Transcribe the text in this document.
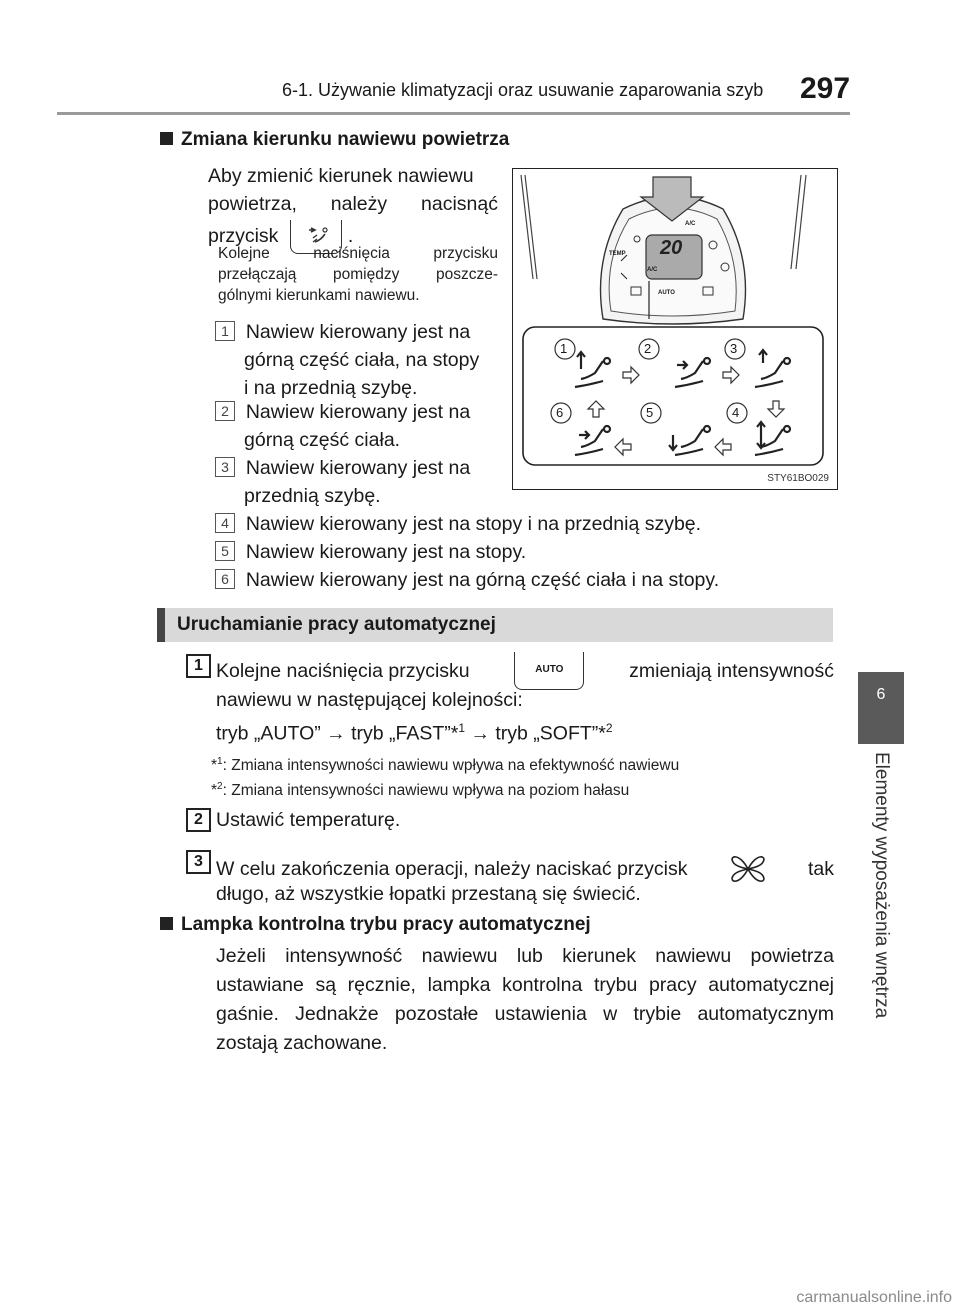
6-1. Używanie klimatyzacji oraz usuwanie zaparowania szyb 297
6
Elementy wyposażenia wnętrza
Zmiana kierunku nawiewu powietrza
Aby zmienić kierunek nawiewu
powietrza, należy nacisnąć
przycisk	.
Kolejne naciśnięcia przycisku
przełączają pomiędzy poszcze-
gólnymi kierunkami nawiewu.
1 Nawiew kierowany jest na
górną część ciała, na stopy
i na przednią szybę.
2 Nawiew kierowany jest na
górną część ciała.
3 Nawiew kierowany jest na
przednią szybę.
4 Nawiew kierowany jest na stopy i na przednią szybę.
5 Nawiew kierowany jest na stopy.
6 Nawiew kierowany jest na górną część ciała i na stopy.
20
A/C
A/C
TEMP
AUTO
1	2	3
6	5	4
STY61BO029
Uruchamianie pracy automatycznej
1 Kolejne naciśnięcia przycisku	AUTO	zmieniają intensywność
nawiewu w następującej kolejności:
tryb „AUTO” → tryb „FAST”*$^1$ → tryb „SOFT”*$^2$
*$^1$: Zmiana intensywności nawiewu wpływa na efektywność nawiewu
*$^2$: Zmiana intensywności nawiewu wpływa na poziom hałasu
2 Ustawić temperaturę.
3 W celu zakończenia operacji, należy naciskać przycisk	tak
długo, aż wszystkie łopatki przestaną się świecić.
Lampka kontrolna trybu pracy automatycznej
Jeżeli intensywność nawiewu lub kierunek nawiewu powietrza ustawiane są ręcznie, lampka kontrolna trybu pracy automatycznej gaśnie. Jednakże pozostałe ustawienia w trybie automatycznym zostają zachowane.
carmanualsonline.info
